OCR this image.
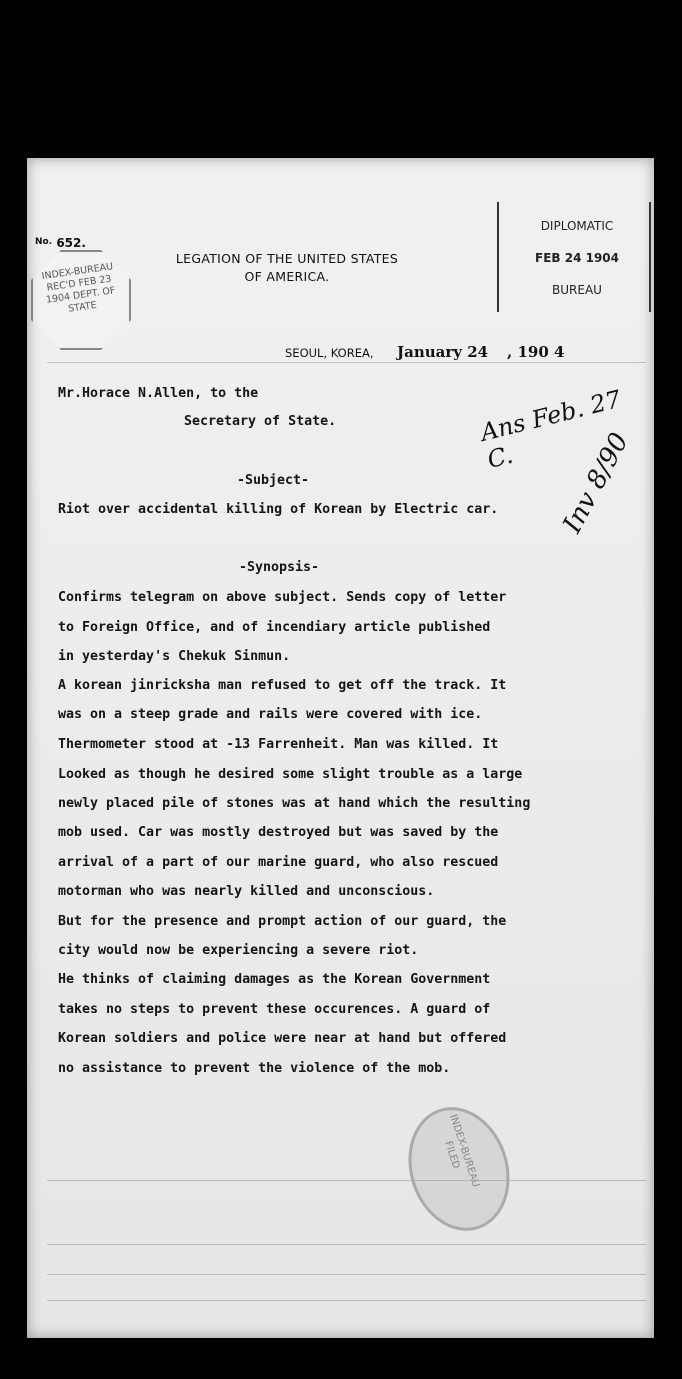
$^{No.}$ 652.
INDEX-BUREAU REC'D FEB 23 1904 DEPT. OF STATE
LEGATION OF THE UNITED STATES
OF AMERICA.
DIPLOMATIC
FEB 24 1904
BUREAU
SEOUL, KOREA, January 24 , 190 4
Mr.Horace N.Allen, to the
Secretary of State.	Ans Feb. 27 C.	Inv 8/90
-Subject-
Riot over accidental killing of Korean by Electric car.
-Synopsis-
Confirms telegram on above subject. Sends copy of letter
to Foreign Office, and of incendiary article published
in yesterday's Chekuk Sinmun.
A korean jinricksha man refused to get off the track. It
was on a steep grade and rails were covered with ice.
Thermometer stood at -13 Farrenheit. Man was killed. It
Looked as though he desired some slight trouble as a large
newly placed pile of stones was at hand which the resulting
mob used. Car was mostly destroyed but was saved by the
arrival of a part of our marine guard, who also rescued
motorman who was nearly killed and unconscious.
But for the presence and prompt action of our guard, the
city would now be experiencing a severe riot.
He thinks of claiming damages as the Korean Government
takes no steps to prevent these occurences. A guard of
Korean soldiers and police were near at hand but offered
no assistance to prevent the violence of the mob.
INDEX-BUREAU FILED
